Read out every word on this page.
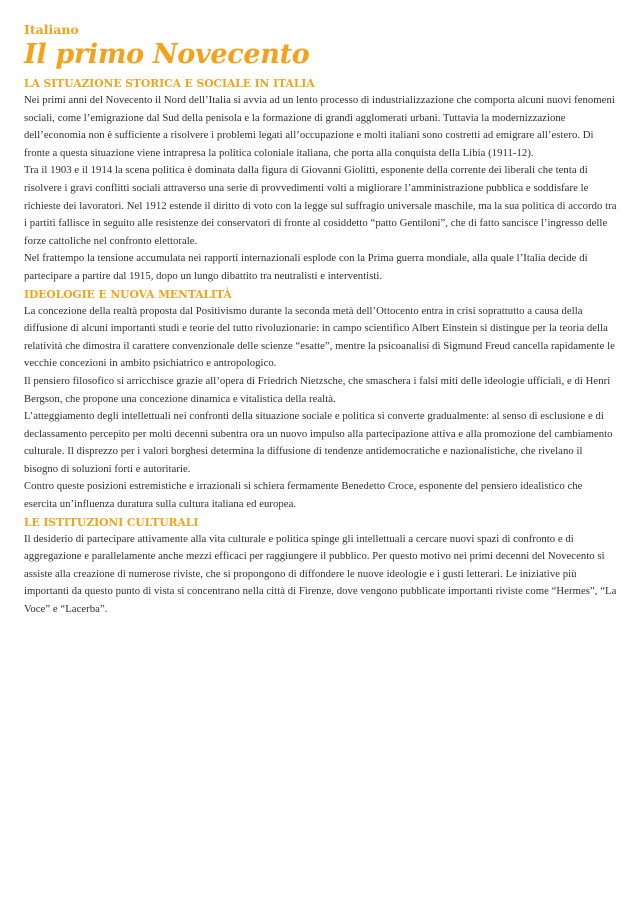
Italiano
Il primo Novecento
LA SITUAZIONE STORICA E SOCIALE IN ITALIA

Nei primi anni del Novecento il Nord dell’Italia si avvia ad un lento processo di industrializzazione che comporta alcuni nuovi fenomeni sociali, come l’emigrazione dal Sud della penisola e la formazione di grandi agglomerati urbani. Tuttavia la modernizzazione dell’economia non è sufficiente a risolvere i problemi legati all’occupazione e molti italiani sono costretti ad emigrare all’estero. Di fronte a questa situazione viene intrapresa la politica coloniale italiana, che porta alla conquista della Libia (1911-12).

Tra il 1903 e il 1914 la scena politica è dominata dalla figura di Giovanni Giolitti, esponente della corrente dei liberali che tenta di risolvere i gravi conflitti sociali attraverso una serie di provvedimenti volti a migliorare l’amministrazione pubblica e soddisfare le richieste dei lavoratori. Nel 1912 estende il diritto di voto con la legge sul suffragio universale maschile, ma la sua politica di accordo tra i partiti fallisce in seguito alle resistenze dei conservatori di fronte al cosiddetto “patto Gentiloni”, che di fatto sancisce l’ingresso delle forze cattoliche nel confronto elettorale.

Nel frattempo la tensione accumulata nei rapporti internazionali esplode con la Prima guerra mondiale, alla quale l’Italia decide di partecipare a partire dal 1915, dopo un lungo dibattito tra neutralisti e interventisti.

IDEOLOGIE E NUOVA MENTALITÀ

La concezione della realtà proposta dal Positivismo durante la seconda metà dell’Ottocento entra in crisi soprattutto a causa della diffusione di alcuni importanti studi e teorie del tutto rivoluzionarie: in campo scientifico Albert Einstein si distingue per la teoria della relatività che dimostra il carattere convenzionale delle scienze “esatte”, mentre la psicoanalisi di Sigmund Freud cancella rapidamente le vecchie concezioni in ambito psichiatrico e antropologico.

Il pensiero filosofico si arricchisce grazie all’opera di Friedrich Nietzsche, che smaschera i falsi miti delle ideologie ufficiali, e di Henri Bergson, che propone una concezione dinamica e vitalistica della realtà.

L’atteggiamento degli intellettuali nei confronti della situazione sociale e politica si converte gradualmente: al senso di esclusione e di declassamento percepito per molti decenni subentra ora un nuovo impulso alla partecipazione attiva e alla promozione del cambiamento culturale. Il disprezzo per i valori borghesi determina la diffusione di tendenze antidemocratiche e nazionalistiche, che rivelano il bisogno di soluzioni forti e autoritarie.

Contro queste posizioni estremistiche e irrazionali si schiera fermamente Benedetto Croce, esponente del pensiero idealistico che esercita un’influenza duratura sulla cultura italiana ed europea.

LE ISTITUZIONI CULTURALI

Il desiderio di partecipare attivamente alla vita culturale e politica spinge gli intellettuali a cercare nuovi spazi di confronto e di aggregazione e parallelamente anche mezzi efficaci per raggiungere il pubblico. Per questo motivo nei primi decenni del Novecento si assiste alla creazione di numerose riviste, che si propongono di diffondere le nuove ideologie e i gusti letterari. Le iniziative più importanti da questo punto di vista si concentrano nella città di Firenze, dove vengono pubblicate importanti riviste come “Hermes”, “La Voce” e “Lacerba”.
